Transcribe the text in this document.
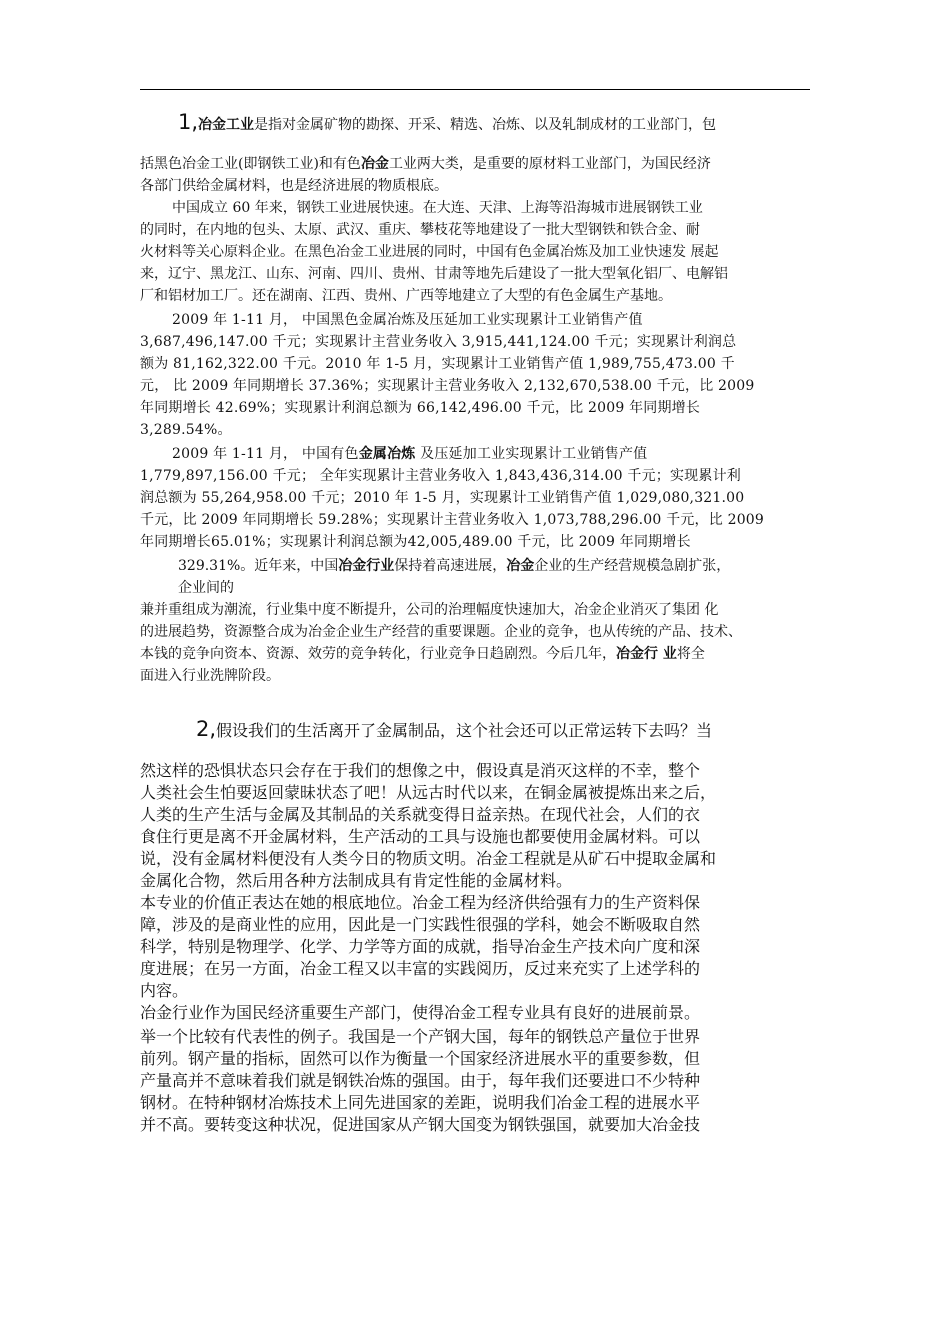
1,冶金工业是指对金属矿物的勘探、开采、精选、冶炼、以及轧制成材的工业部门，包
括黑色冶金工业(即钢铁工业)和有色冶金工业两大类，是重要的原材料工业部门，为国民经济
各部门供给金属材料，也是经济进展的物质根底。
中国成立 60 年来，钢铁工业进展快速。在大连、天津、上海等沿海城市进展钢铁工业
的同时，在内地的包头、太原、武汉、重庆、攀枝花等地建设了一批大型钢铁和铁合金、耐
火材料等关心原料企业。在黑色冶金工业进展的同时，中国有色金属冶炼及加工业快速发 展起
来，辽宁、黑龙江、山东、河南、四川、贵州、甘肃等地先后建设了一批大型氧化铝厂、电解铝
厂和铝材加工厂。还在湖南、江西、贵州、广西等地建立了大型的有色金属生产基地。
2009 年 1-11 月， 中国黑色金属冶炼及压延加工业实现累计工业销售产值
3,687,496,147.00 千元；实现累计主营业务收入 3,915,441,124.00 千元；实现累计利润总
额为 81,162,322.00 千元。2010 年 1-5 月，实现累计工业销售产值 1,989,755,473.00 千
元， 比 2009 年同期增长 37.36%；实现累计主营业务收入 2,132,670,538.00 千元，比 2009
年同期增长 42.69%；实现累计利润总额为 66,142,496.00 千元，比 2009 年同期增长
3,289.54%。
2009 年 1-11 月， 中国有色金属冶炼 及压延加工业实现累计工业销售产值
1,779,897,156.00 千元； 全年实现累计主营业务收入 1,843,436,314.00 千元；实现累计利
润总额为 55,264,958.00 千元；2010 年 1-5 月，实现累计工业销售产值 1,029,080,321.00
千元，比 2009 年同期增长 59.28%；实现累计主营业务收入 1,073,788,296.00 千元，比 2009
年同期增长65.01%；实现累计利润总额为42,005,489.00 千元，比 2009 年同期增长
329.31%。近年来，中国冶金行业保持着高速进展，冶金企业的生产经营规模急剧扩张，
企业间的
兼并重组成为潮流，行业集中度不断提升，公司的治理幅度快速加大，冶金企业消灭了集团 化
的进展趋势，资源整合成为冶金企业生产经营的重要课题。企业的竞争，也从传统的产品、技术、
本钱的竞争向资本、资源、效劳的竞争转化，行业竞争日趋剧烈。今后几年，冶金行 业将全
面进入行业洗牌阶段。
2,假设我们的生活离开了金属制品，这个社会还可以正常运转下去吗？当
然这样的恐惧状态只会存在于我们的想像之中，假设真是消灭这样的不幸，整个
人类社会生怕要返回蒙昧状态了吧！从远古时代以来，在铜金属被提炼出来之后，
人类的生产生活与金属及其制品的关系就变得日益亲热。在现代社会，人们的衣
食住行更是离不开金属材料，生产活动的工具与设施也都要使用金属材料。可以
说，没有金属材料便没有人类今日的物质文明。冶金工程就是从矿石中提取金属和
金属化合物，然后用各种方法制成具有肯定性能的金属材料。
本专业的价值正表达在她的根底地位。冶金工程为经济供给强有力的生产资料保
障，涉及的是商业性的应用，因此是一门实践性很强的学科，她会不断吸取自然
科学，特别是物理学、化学、力学等方面的成就，指导冶金生产技术向广度和深
度进展；在另一方面，冶金工程又以丰富的实践阅历，反过来充实了上述学科的
内容。
冶金行业作为国民经济重要生产部门，使得冶金工程专业具有良好的进展前景。
举一个比较有代表性的例子。我国是一个产钢大国，每年的钢铁总产量位于世界
前列。钢产量的指标，固然可以作为衡量一个国家经济进展水平的重要参数，但
产量高并不意味着我们就是钢铁冶炼的强国。由于，每年我们还要进口不少特种
钢材。在特种钢材冶炼技术上同先进国家的差距，说明我们冶金工程的进展水平
并不高。要转变这种状况，促进国家从产钢大国变为钢铁强国，就要加大冶金技
